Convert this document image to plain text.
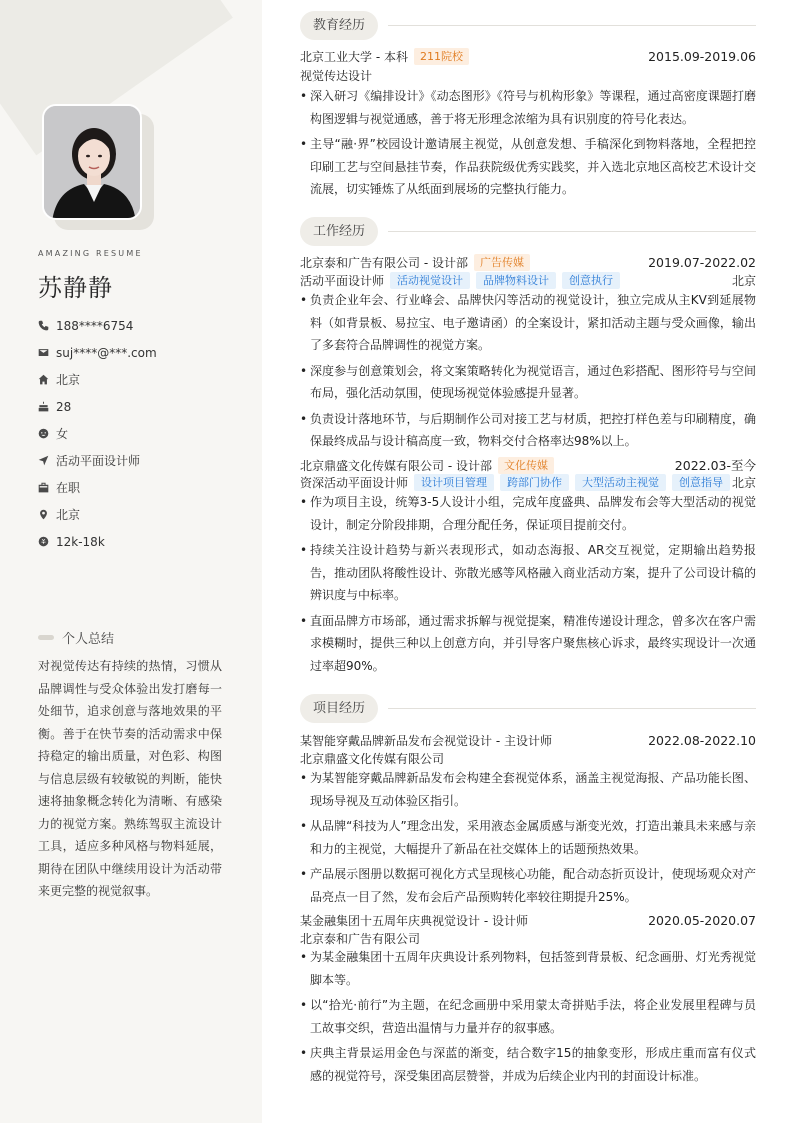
AMAZING RESUME
苏静静
188****6754
suj****@***.com
北京
28
女
活动平面设计师
在职
北京
12k-18k
个人总结

对视觉传达有持续的热情，习惯从品牌调性与受众体验出发打磨每一处细节，追求创意与落地效果的平衡。善于在快节奏的活动需求中保持稳定的输出质量，对色彩、构图与信息层级有较敏锐的判断，能快速将抽象概念转化为清晰、有感染力的视觉方案。熟练驾驭主流设计工具，适应多种风格与物料延展，期待在团队中继续用设计为活动带来更完整的视觉叙事。

教育经历
北京工业大学 - 本科	211院校	2015.09-2019.06
视觉传达设计
• 深入研习《编排设计》《动态图形》《符号与机构形象》等课程，通过高密度课题打磨构图逻辑与视觉通感，善于将无形理念浓缩为具有识别度的符号化表达。
• 主导“融·界”校园设计邀请展主视觉，从创意发想、手稿深化到物料落地，全程把控印刷工艺与空间悬挂节奏，作品获院级优秀实践奖，并入选北京地区高校艺术设计交流展，切实锤炼了从纸面到展场的完整执行能力。
工作经历
北京泰和广告有限公司 - 设计部	广告传媒	2019.07-2022.02
活动平面设计师	活动视觉设计	品牌物料设计	创意执行	北京
• 负责企业年会、行业峰会、品牌快闪等活动的视觉设计，独立完成从主KV到延展物料（如背景板、易拉宝、电子邀请函）的全案设计，紧扣活动主题与受众画像，输出了多套符合品牌调性的视觉方案。
• 深度参与创意策划会，将文案策略转化为视觉语言，通过色彩搭配、图形符号与空间布局，强化活动氛围，使现场视觉体验感提升显著。
• 负责设计落地环节，与后期制作公司对接工艺与材质，把控打样色差与印刷精度，确保最终成品与设计稿高度一致，物料交付合格率达98%以上。
北京鼎盛文化传媒有限公司 - 设计部	文化传媒	2022.03-至今
资深活动平面设计师	设计项目管理	跨部门协作	大型活动主视觉	创意指导 北京
• 作为项目主设，统筹3-5人设计小组，完成年度盛典、品牌发布会等大型活动的视觉设计，制定分阶段排期，合理分配任务，保证项目提前交付。
• 持续关注设计趋势与新兴表现形式，如动态海报、AR交互视觉，定期输出趋势报告，推动团队将酸性设计、弥散光感等风格融入商业活动方案，提升了公司设计稿的辨识度与中标率。
• 直面品牌方市场部，通过需求拆解与视觉提案，精准传递设计理念，曾多次在客户需求模糊时，提供三种以上创意方向，并引导客户聚焦核心诉求，最终实现设计一次通过率超90%。
项目经历
某智能穿戴品牌新品发布会视觉设计 - 主设计师	2022.08-2022.10
北京鼎盛文化传媒有限公司
• 为某智能穿戴品牌新品发布会构建全套视觉体系，涵盖主视觉海报、产品功能长图、现场导视及互动体验区指引。
• 从品牌“科技为人”理念出发，采用液态金属质感与渐变光效，打造出兼具未来感与亲和力的主视觉，大幅提升了新品在社交媒体上的话题预热效果。
• 产品展示图册以数据可视化方式呈现核心功能，配合动态折页设计，使现场观众对产品亮点一目了然，发布会后产品预购转化率较往期提升25%。
某金融集团十五周年庆典视觉设计 - 设计师	2020.05-2020.07
北京泰和广告有限公司
• 为某金融集团十五周年庆典设计系列物料，包括签到背景板、纪念画册、灯光秀视觉脚本等。
• 以“拾光·前行”为主题，在纪念画册中采用蒙太奇拼贴手法，将企业发展里程碑与员工故事交织，营造出温情与力量并存的叙事感。
• 庆典主背景运用金色与深蓝的渐变，结合数字15的抽象变形，形成庄重而富有仪式感的视觉符号，深受集团高层赞誉，并成为后续企业内刊的封面设计标准。
